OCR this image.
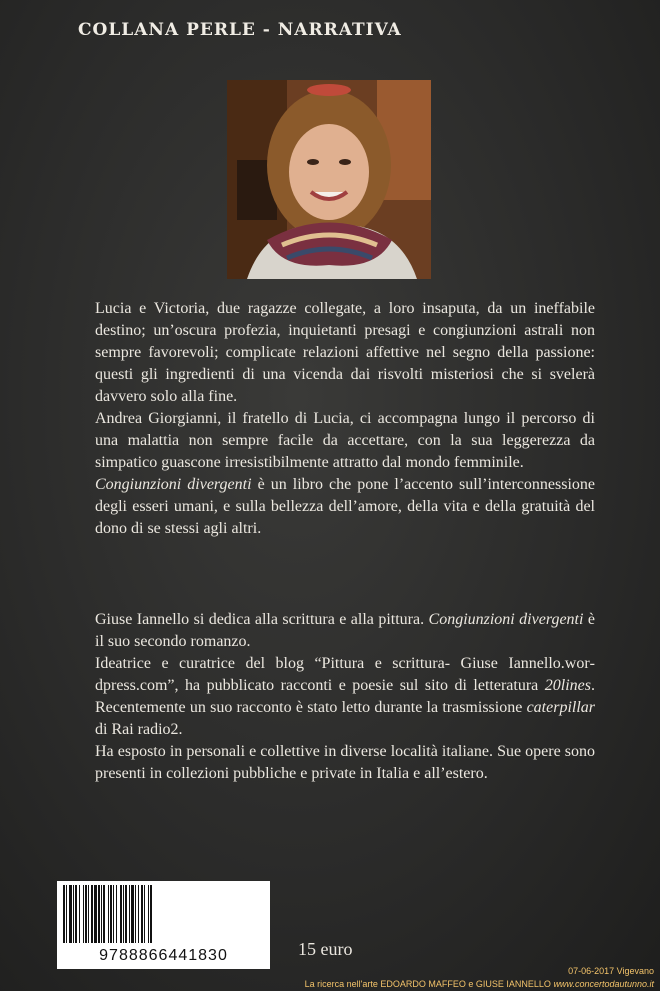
COLLANA PERLE - NARRATIVA

Lucia e Victoria, due ragazze collegate, a loro insaputa, da un ineffabile destino; un’oscura profezia, inquietanti presagi e congiunzioni astrali non sempre favorevoli; complicate relazioni affettive nel segno della passione: questi gli ingredienti di una vicenda dai risvolti misteriosi che si svelerà davvero solo alla fine.

Andrea Giorgianni, il fratello di Lucia, ci accompagna lungo il percorso di una malattia non sempre facile da accettare, con la sua leggerezza da simpatico guascone irresistibilmente attratto dal mondo femminile.

Congiunzioni divergenti è un libro che pone l’accento sull’interconnessione degli esseri umani, e sulla bellezza dell’amore, della vita e della gratuità del dono di se stessi agli altri.

Giuse Iannello si dedica alla scrittura e alla pittura. Congiunzioni divergenti è il suo secondo romanzo.

Ideatrice e curatrice del blog “Pittura e scrittura- Giuse Iannello.wordpress.com”, ha pubblicato racconti e poesie sul sito di letteratura 20lines. Recentemente un suo racconto è stato letto durante la trasmissione caterpillar di Rai radio2.

Ha esposto in personali e collettive in diverse località italiane. Sue opere sono presenti in collezioni pubbliche e private in Italia e all’estero.

9788866441830	15 euro
07-06-2017 Vigevano
La ricerca nell'arte EDOARDO MAFFEO e GIUSE IANNELLO www.concertodautunno.it
